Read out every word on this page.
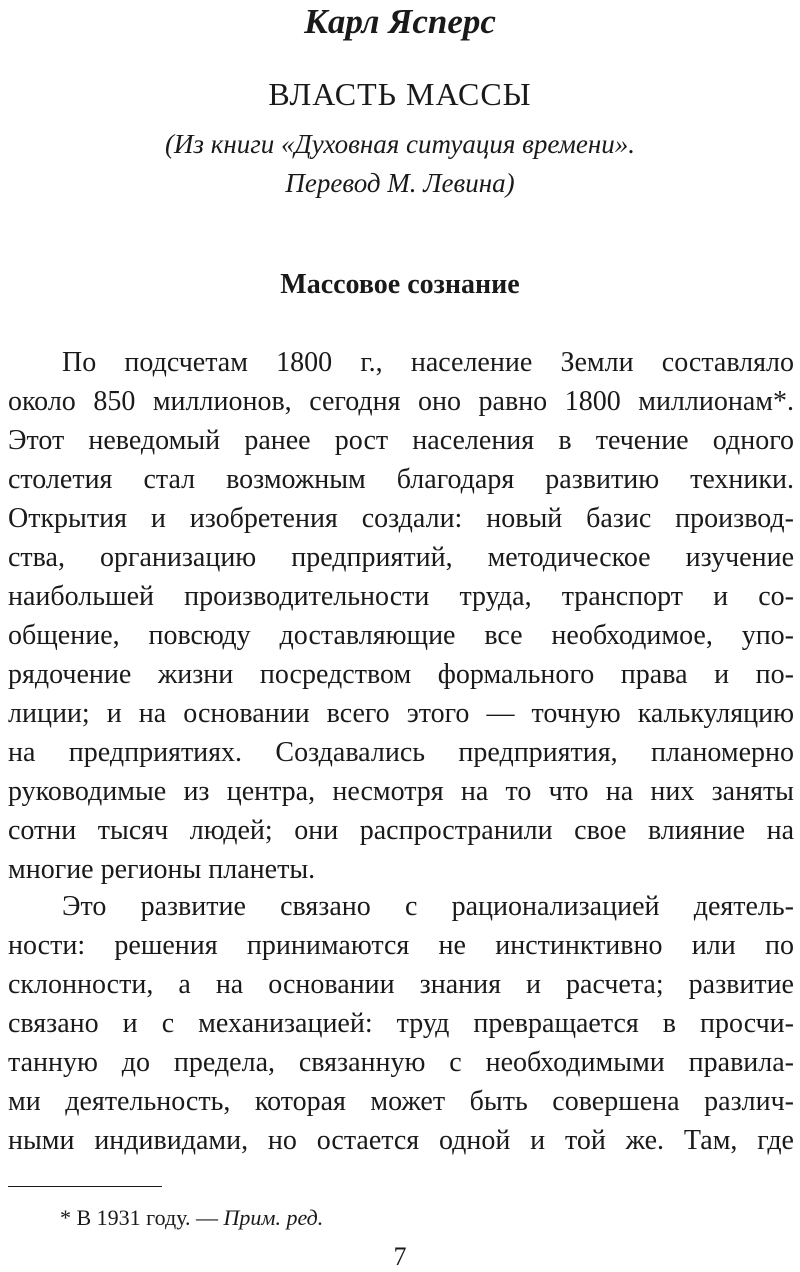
Карл Ясперс
ВЛАСТЬ МАССЫ
(Из книги «Духовная ситуация времени».
Перевод М. Левина)
Массовое сознание
По подсчетам 1800 г., население Земли составляло
около 850 миллионов, сегодня оно равно 1800 миллионам*.
Этот неведомый ранее рост населения в течение одного
столетия стал возможным благодаря развитию техники.
Открытия и изобретения создали: новый базис производ-
ства, организацию предприятий, методическое изучение
наибольшей производительности труда, транспорт и со-
общение, повсюду доставляющие все необходимое, упо-
рядочение жизни посредством формального права и по-
лиции; и на основании всего этого — точную калькуляцию
на предприятиях. Создавались предприятия, планомерно
руководимые из центра, несмотря на то что на них заняты
сотни тысяч людей; они распространили свое влияние на
многие регионы планеты.
Это развитие связано с рационализацией деятель-
ности: решения принимаются не инстинктивно или по
склонности, а на основании знания и расчета; развитие
связано и с механизацией: труд превращается в просчи-
танную до предела, связанную с необходимыми правила-
ми деятельность, которая может быть совершена различ-
ными индивидами, но остается одной и той же. Там, где
* В 1931 году. — Прим. ред.
7
